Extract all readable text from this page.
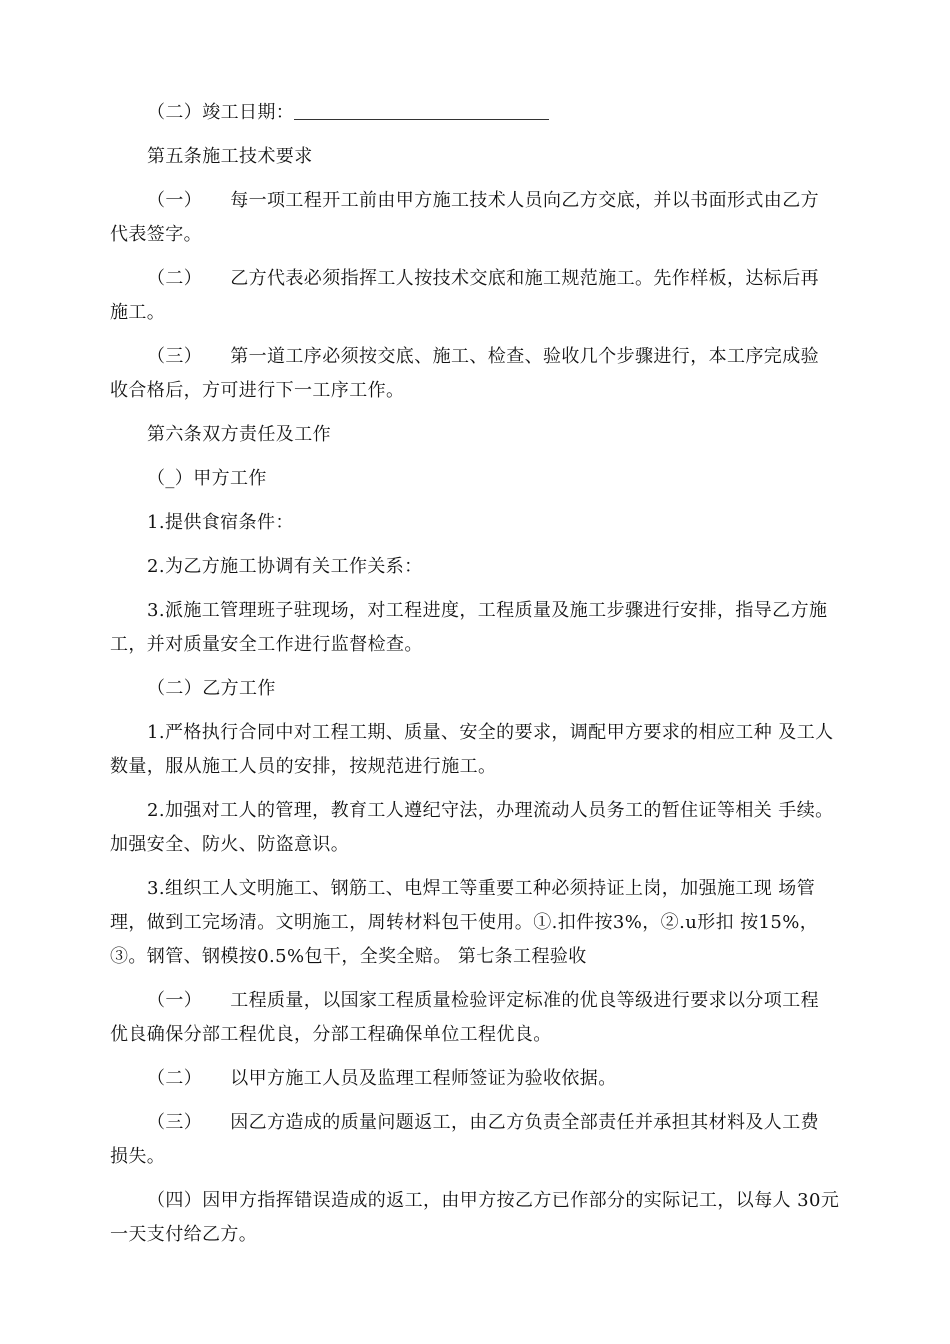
（二）竣工日期：

第五条施工技术要求

（一） 每一项工程开工前由甲方施工技术人员向乙方交底，并以书面形式由乙方 代表签字。

（二） 乙方代表必须指挥工人按技术交底和施工规范施工。先作样板，达标后再 施工。

（三） 第一道工序必须按交底、施工、检查、验收几个步骤进行，本工序完成验 收合格后，方可进行下一工序工作。

第六条双方责任及工作

（_）甲方工作

1.提供食宿条件：

2.为乙方施工协调有关工作关系：

3.派施工管理班子驻现场，对工程进度，工程质量及施工步骤进行安排，指导乙方施工，并对质量安全工作进行监督检查。

（二）乙方工作

1.严格执行合同中对工程工期、质量、安全的要求，调配甲方要求的相应工种 及工人数量，服从施工人员的安排，按规范进行施工。

2.加强对工人的管理，教育工人遵纪守法，办理流动人员务工的暂住证等相关 手续。加强安全、防火、防盗意识。

3.组织工人文明施工、钢筋工、电焊工等重要工种必须持证上岗，加强施工现 场管理，做到工完场清。文明施工，周转材料包干使用。①.扣件按3%，②.u形扣 按15%，③。钢管、钢模按0.5%包干，全奖全赔。 第七条工程验收

（一） 工程质量，以国家工程质量检验评定标准的优良等级进行要求以分项工程 优良确保分部工程优良，分部工程确保单位工程优良。

（二） 以甲方施工人员及监理工程师签证为验收依据。

（三） 因乙方造成的质量问题返工，由乙方负责全部责任并承担其材料及人工费 损失。

（四）因甲方指挥错误造成的返工，由甲方按乙方已作部分的实际记工，以每人 30元一天支付给乙方。
